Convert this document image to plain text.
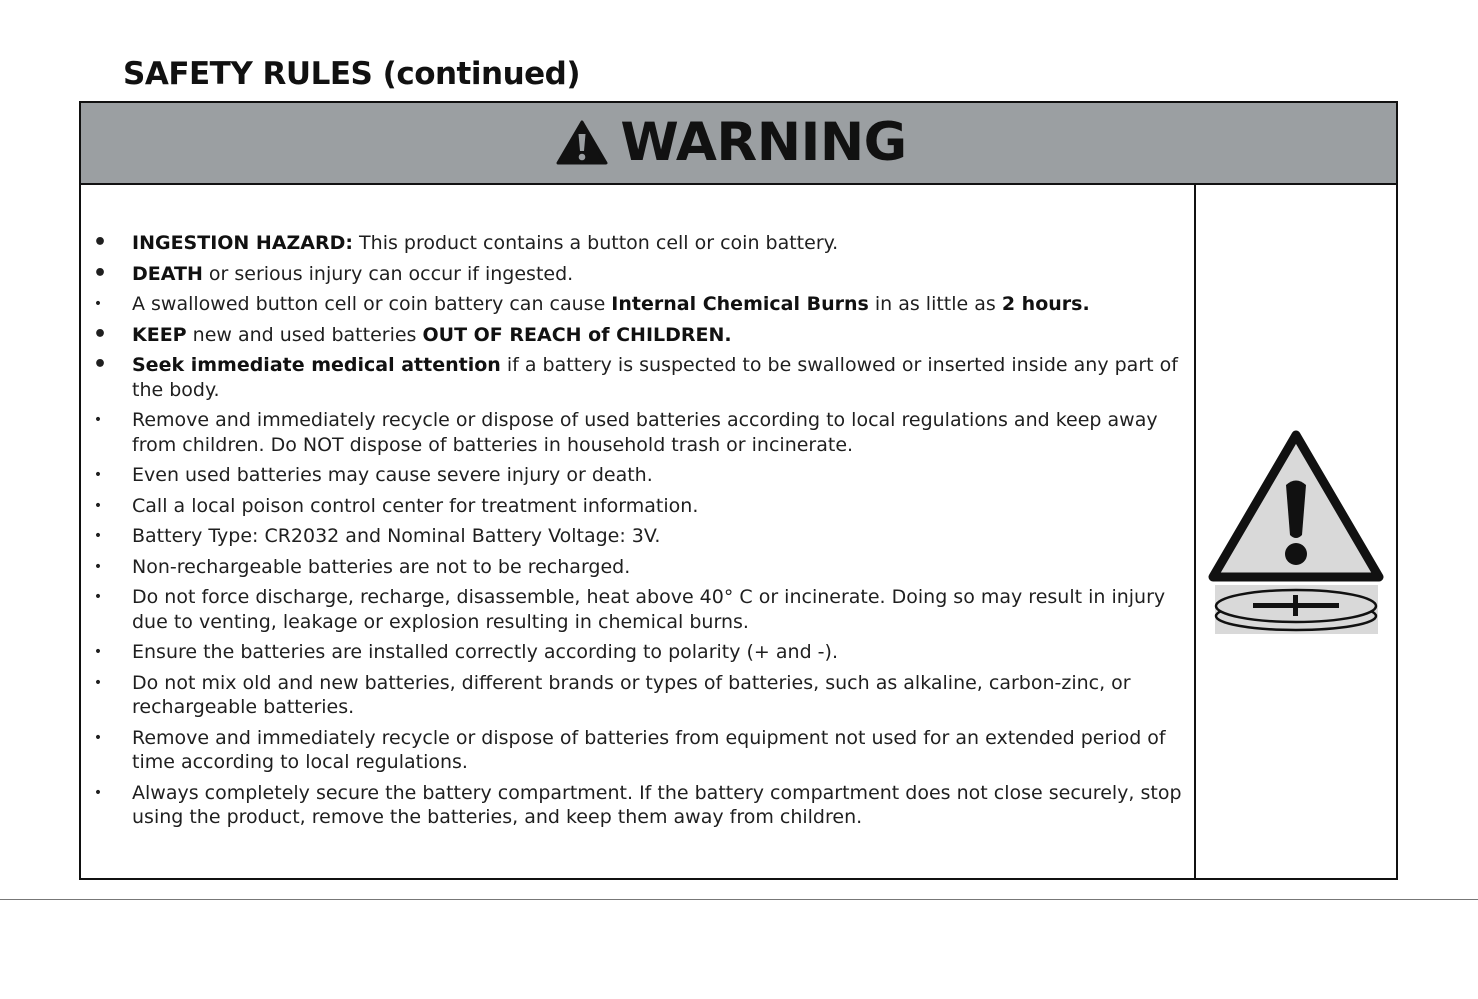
SAFETY RULES (continued)
WARNING
• INGESTION HAZARD: This product contains a button cell or coin battery.
• DEATH or serious injury can occur if ingested.
• A swallowed button cell or coin battery can cause Internal Chemical Burns in as little as 2 hours.
• KEEP new and used batteries OUT OF REACH of CHILDREN.
• Seek immediate medical attention if a battery is suspected to be swallowed or inserted inside any part of the body.
• Remove and immediately recycle or dispose of used batteries according to local regulations and keep away from children. Do NOT dispose of batteries in household trash or incinerate.
• Even used batteries may cause severe injury or death.
• Call a local poison control center for treatment information.
• Battery Type: CR2032 and Nominal Battery Voltage: 3V.
• Non-rechargeable batteries are not to be recharged.
• Do not force discharge, recharge, disassemble, heat above 40° C or incinerate. Doing so may result in injury due to venting, leakage or explosion resulting in chemical burns.
• Ensure the batteries are installed correctly according to polarity (+ and -).
• Do not mix old and new batteries, different brands or types of batteries, such as alkaline, carbon-zinc, or rechargeable batteries.
• Remove and immediately recycle or dispose of batteries from equipment not used for an extended period of time according to local regulations.
• Always completely secure the battery compartment. If the battery compartment does not close securely, stop using the product, remove the batteries, and keep them away from children.
